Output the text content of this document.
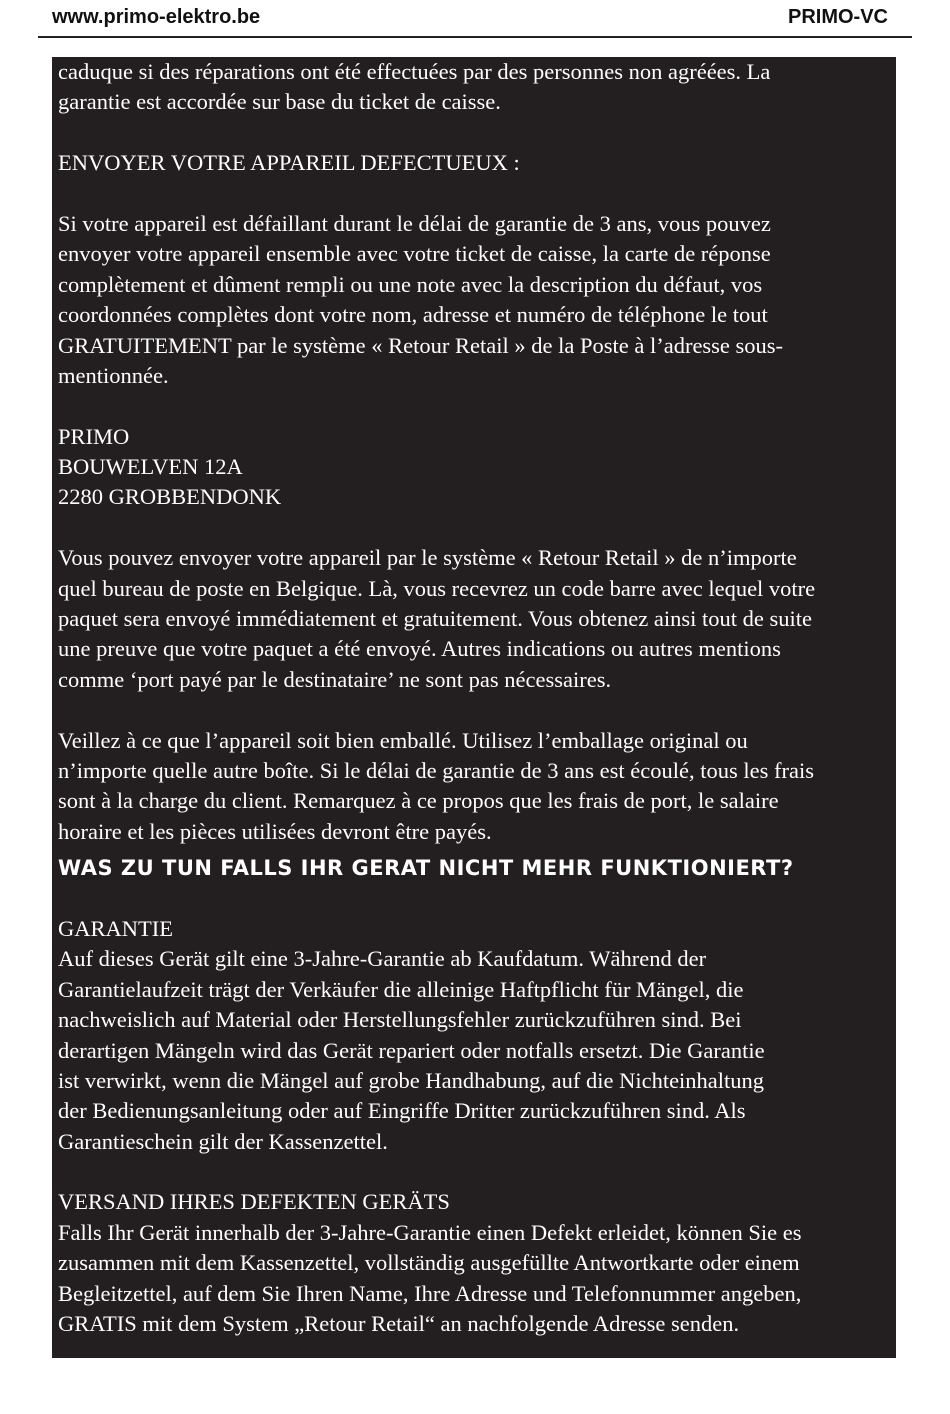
www.primo-elektro.be	PRIMO-VC
caduque si des réparations ont été effectuées par des personnes non agréées. La
garantie est accordée sur base du ticket de caisse.
ENVOYER VOTRE APPAREIL DEFECTUEUX :
Si votre appareil est défaillant durant le délai de garantie de 3 ans, vous pouvez
envoyer votre appareil ensemble avec votre ticket de caisse, la carte de réponse
complètement et dûment rempli ou une note avec la description du défaut, vos
coordonnées complètes dont votre nom, adresse et numéro de téléphone le tout
GRATUITEMENT par le système « Retour Retail » de la Poste à l’adresse sous-
mentionnée.
PRIMO
BOUWELVEN 12A
2280 GROBBENDONK
Vous pouvez envoyer votre appareil par le système « Retour Retail » de n’importe
quel bureau de poste en Belgique. Là, vous recevrez un code barre avec lequel votre
paquet sera envoyé immédiatement et gratuitement. Vous obtenez ainsi tout de suite
une preuve que votre paquet a été envoyé. Autres indications ou autres mentions
comme ‘port payé par le destinataire’ ne sont pas nécessaires.
Veillez à ce que l’appareil soit bien emballé. Utilisez l’emballage original ou
n’importe quelle autre boîte. Si le délai de garantie de 3 ans est écoulé, tous les frais
sont à la charge du client. Remarquez à ce propos que les frais de port, le salaire
horaire et les pièces utilisées devront être payés.
WAS ZU TUN FALLS IHR GERAT NICHT MEHR FUNKTIONIERT?
GARANTIE
Auf dieses Gerät gilt eine 3-Jahre-Garantie ab Kaufdatum. Während der
Garantielaufzeit trägt der Verkäufer die alleinige Haftpflicht für Mängel, die
nachweislich auf Material oder Herstellungsfehler zurückzuführen sind. Bei
derartigen Mängeln wird das Gerät repariert oder notfalls ersetzt. Die Garantie
ist verwirkt, wenn die Mängel auf grobe Handhabung, auf die Nichteinhaltung
der Bedienungsanleitung oder auf Eingriffe Dritter zurückzuführen sind. Als
Garantieschein gilt der Kassenzettel.
VERSAND IHRES DEFEKTEN GERÄTS
Falls Ihr Gerät innerhalb der 3-Jahre-Garantie einen Defekt erleidet, können Sie es
zusammen mit dem Kassenzettel, vollständig ausgefüllte Antwortkarte oder einem
Begleitzettel, auf dem Sie Ihren Name, Ihre Adresse und Telefonnummer angeben,
GRATIS mit dem System „Retour Retail“ an nachfolgende Adresse senden.
